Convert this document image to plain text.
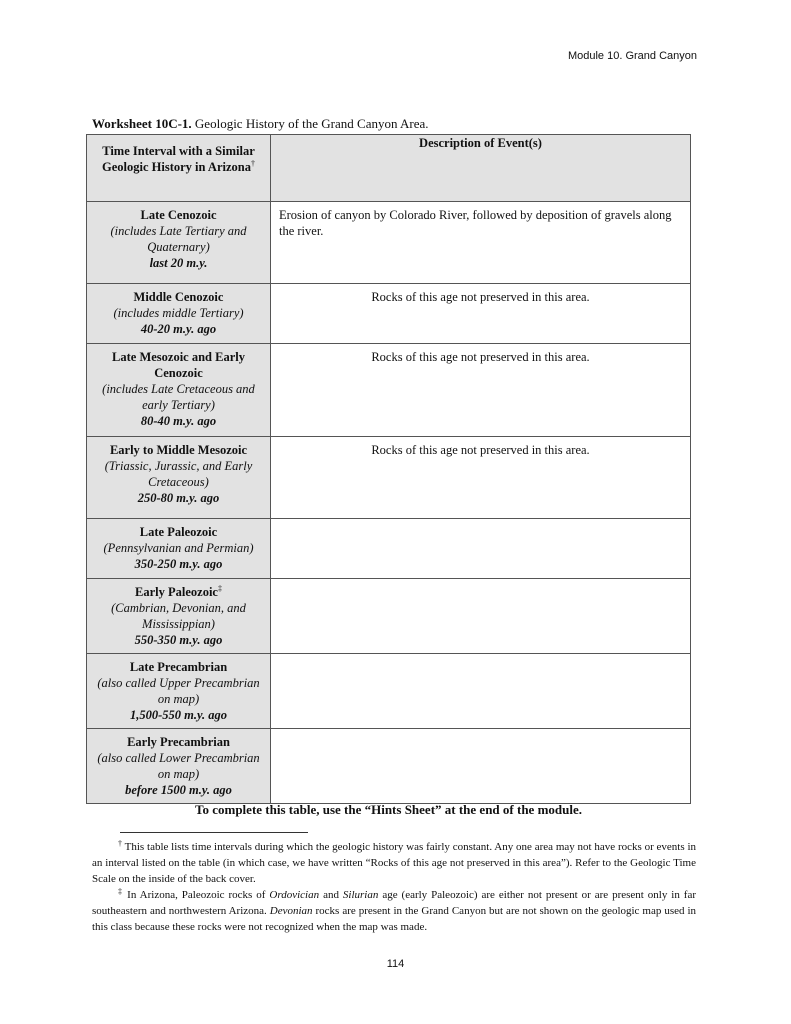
Module 10. Grand Canyon
Worksheet 10C-1. Geologic History of the Grand Canyon Area.
Time Interval with a Similar Geologic History in Arizona†	Description of Event(s)

Late Cenozoic
(includes Late Tertiary and Quaternary)
last 20 m.y.	Erosion of canyon by Colorado River, followed by deposition of gravels along the river.

Middle Cenozoic
(includes middle Tertiary)
40-20 m.y. ago	Rocks of this age not preserved in this area.

Late Mesozoic and Early Cenozoic
(includes Late Cretaceous and early Tertiary)
80-40 m.y. ago	Rocks of this age not preserved in this area.

Early to Middle Mesozoic
(Triassic, Jurassic, and Early Cretaceous)
250-80 m.y. ago	Rocks of this age not preserved in this area.

Late Paleozoic
(Pennsylvanian and Permian)
350-250 m.y. ago	

Early Paleozoic‡
(Cambrian, Devonian, and Mississippian)
550-350 m.y. ago	

Late Precambrian
(also called Upper Precambrian on map)
1,500-550 m.y. ago	

Early Precambrian
(also called Lower Precambrian on map)
before 1500 m.y. ago	

To complete this table, use the “Hints Sheet” at the end of the module.

† This table lists time intervals during which the geologic history was fairly constant. Any one area may not have rocks or events in an interval listed on the table (in which case, we have written “Rocks of this age not preserved in this area”). Refer to the Geologic Time Scale on the inside of the back cover.

‡ In Arizona, Paleozoic rocks of Ordovician and Silurian age (early Paleozoic) are either not present or are present only in far southeastern and northwestern Arizona. Devonian rocks are present in the Grand Canyon but are not shown on the geologic map used in this class because these rocks were not recognized when the map was made.

114
